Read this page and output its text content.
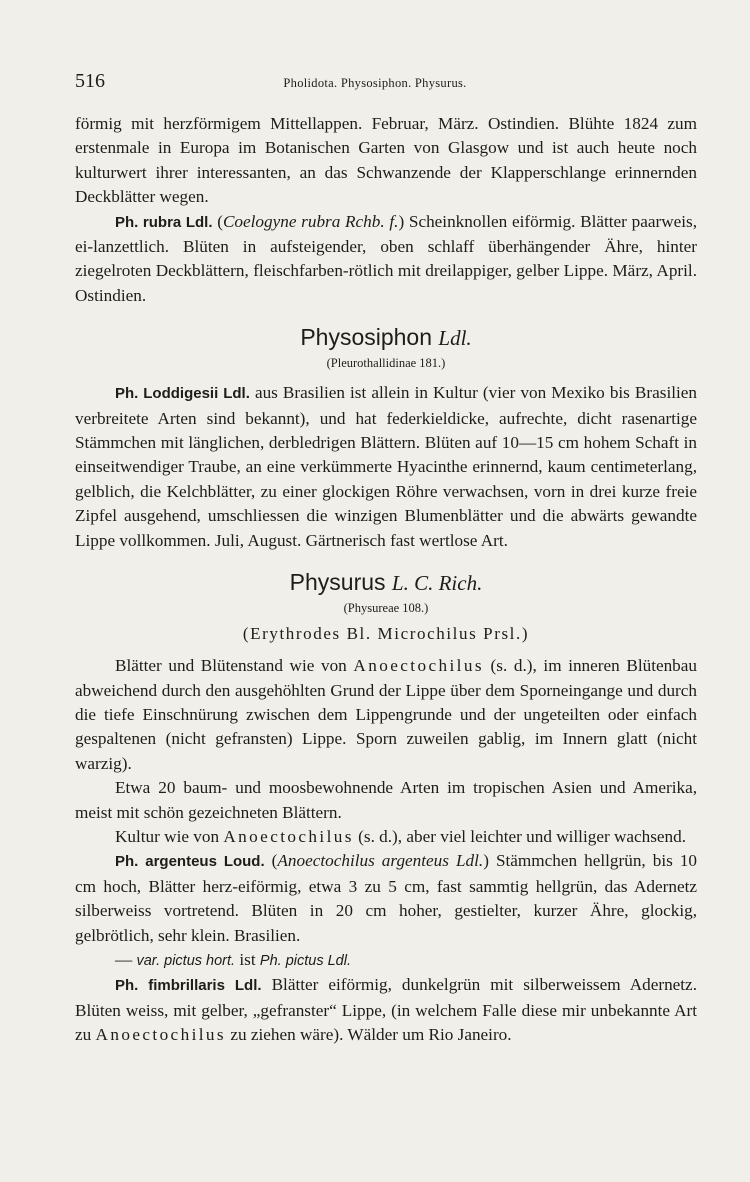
516	Pholidota. Physosiphon. Physurus.

förmig mit herzförmigem Mittellappen. Februar, März. Ostindien. Blühte 1824 zum erstenmale in Europa im Botanischen Garten von Glasgow und ist auch heute noch kulturwert ihrer interessanten, an das Schwanzende der Klapperschlange erinnernden Deckblätter wegen.

Ph. rubra Ldl. (Coelogyne rubra Rchb. f.) Scheinknollen eiförmig. Blätter paarweis, ei-lanzettlich. Blüten in aufsteigender, oben schlaff überhängender Ähre, hinter ziegelroten Deckblättern, fleischfarben-rötlich mit dreilappiger, gelber Lippe. März, April. Ostindien.

Physosiphon Ldl.
(Pleurothallidinae 181.)

Ph. Loddigesii Ldl. aus Brasilien ist allein in Kultur (vier von Mexiko bis Brasilien verbreitete Arten sind bekannt), und hat federkieldicke, aufrechte, dicht rasenartige Stämmchen mit länglichen, derbledrigen Blättern. Blüten auf 10—15 cm hohem Schaft in einseitwendiger Traube, an eine verkümmerte Hyacinthe erinnernd, kaum centimeterlang, gelblich, die Kelchblätter, zu einer glockigen Röhre verwachsen, vorn in drei kurze freie Zipfel ausgehend, umschliessen die winzigen Blumenblätter und die abwärts gewandte Lippe vollkommen. Juli, August. Gärtnerisch fast wertlose Art.

Physurus L. C. Rich.
(Physureae 108.)
(Erythrodes Bl. Microchilus Prsl.)

Blätter und Blütenstand wie von Anoectochilus (s. d.), im inneren Blütenbau abweichend durch den ausgehöhlten Grund der Lippe über dem Sporneingange und durch die tiefe Einschnürung zwischen dem Lippengrunde und der ungeteilten oder einfach gespaltenen (nicht gefransten) Lippe. Sporn zuweilen gablig, im Innern glatt (nicht warzig).

Etwa 20 baum- und moosbewohnende Arten im tropischen Asien und Amerika, meist mit schön gezeichneten Blättern.

Kultur wie von Anoectochilus (s. d.), aber viel leichter und williger wachsend.

Ph. argenteus Loud. (Anoectochilus argenteus Ldl.) Stämmchen hellgrün, bis 10 cm hoch, Blätter herz-eiförmig, etwa 3 zu 5 cm, fast sammtig hellgrün, das Adernetz silberweiss vortretend. Blüten in 20 cm hoher, gestielter, kurzer Ähre, glockig, gelbrötlich, sehr klein. Brasilien.

— var. pictus hort. ist Ph. pictus Ldl.

Ph. fimbrillaris Ldl. Blätter eiförmig, dunkelgrün mit silberweissem Adernetz. Blüten weiss, mit gelber, „gefranster“ Lippe, (in welchem Falle diese mir unbekannte Art zu Anoectochilus zu ziehen wäre). Wälder um Rio Janeiro.
